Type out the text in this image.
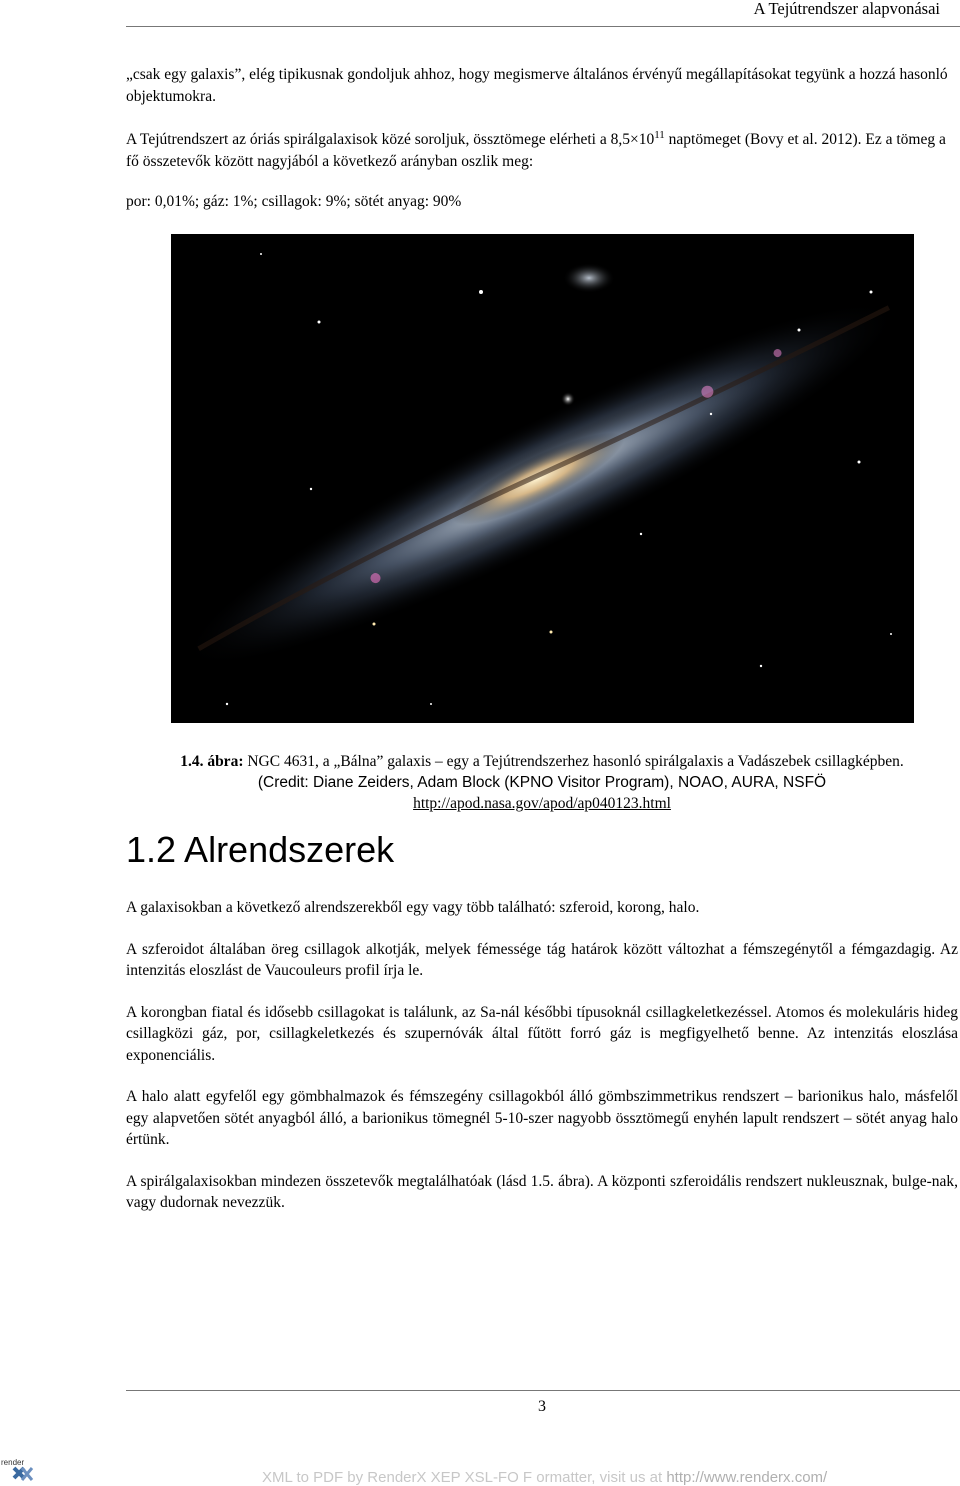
A Tejútrendszer alapvonásai

„csak egy galaxis”, elég tipikusnak gondoljuk ahhoz, hogy megismerve általános érvényű megállapításokat tegyünk a hozzá hasonló objektumokra.

A Tejútrendszert az óriás spirálgalaxisok közé soroljuk, össztömege elérheti a $8,5\times 10^{11}$ naptömeget (Bovy et al. 2012). Ez a tömeg a fő összetevők között nagyjából a következő arányban oszlik meg:

por: 0,01%; gáz: 1%; csillagok: 9%; sötét anyag: 90%

1.4. ábra: NGC 4631, a „Bálna” galaxis – egy a Tejútrendszerhez hasonló spirálgalaxis a Vadászebek csillagképben.
(Credit: Diane Zeiders, Adam Block (KPNO Visitor Program), NOAO, AURA, NSFÖ
http://apod.nasa.gov/apod/ap040123.html
1.2 Alrendszerek

A galaxisokban a következő alrendszerekből egy vagy több található: szferoid, korong, halo.

A szferoidot általában öreg csillagok alkotják, melyek fémessége tág határok között változhat a fémszegénytől a fémgazdagig. Az intenzitás eloszlást de Vaucouleurs profil írja le.

A korongban fiatal és idősebb csillagokat is találunk, az Sa-nál későbbi típusoknál csillagkeletkezéssel. Atomos és molekuláris hideg csillagközi gáz, por, csillagkeletkezés és szupernóvák által fűtött forró gáz is megfigyelhető benne. Az intenzitás eloszlása exponenciális.

A halo alatt egyfelől egy gömbhalmazok és fémszegény csillagokból álló gömbszimmetrikus rendszert – barionikus halo, másfelől egy alapvetően sötét anyagból álló, a barionikus tömegnél 5-10-szer nagyobb össztömegű enyhén lapult rendszert – sötét anyag halo értünk.

A spirálgalaxisokban mindezen összetevők megtalálhatóak (lásd 1.5. ábra). A központi szferoidális rendszert nukleusznak, bulge-nak, vagy dudornak nevezzük.

3
render
XML to PDF by RenderX XEP XSL-FO F ormatter, visit us at http://www.renderx.com/
